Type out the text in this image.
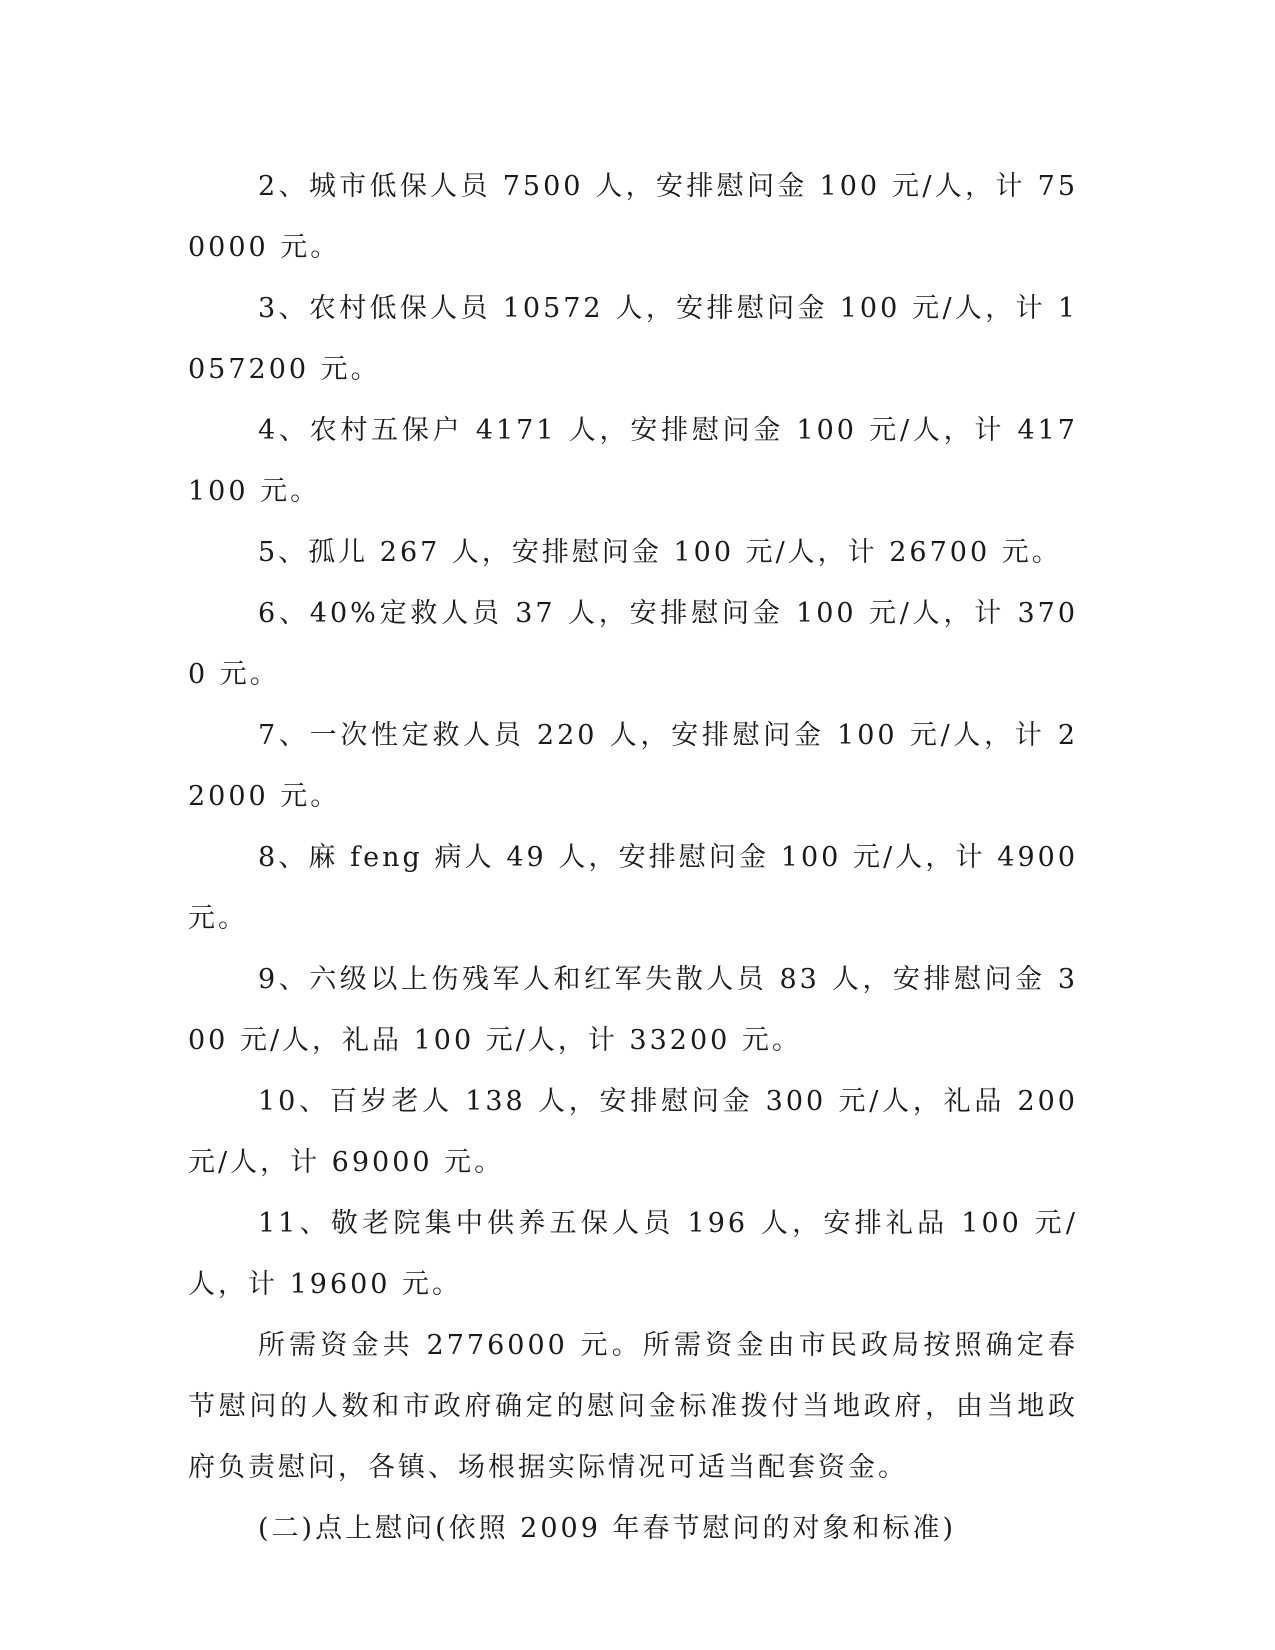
2、城市低保人员 7500 人，安排慰问金 100 元/人，计 750000 元。

3、农村低保人员 10572 人，安排慰问金 100 元/人，计 1057200 元。

4、农村五保户 4171 人，安排慰问金 100 元/人，计 417100 元。

5、孤儿 267 人，安排慰问金 100 元/人，计 26700 元。

6、40%定救人员 37 人，安排慰问金 100 元/人，计 3700 元。

7、一次性定救人员 220 人，安排慰问金 100 元/人，计 22000 元。

8、麻 feng 病人 49 人，安排慰问金 100 元/人，计 4900 元。

9、六级以上伤残军人和红军失散人员 83 人，安排慰问金 300 元/人，礼品 100 元/人，计 33200 元。

10、百岁老人 138 人，安排慰问金 300 元/人，礼品 200 元/人，计 69000 元。

11、敬老院集中供养五保人员 196 人，安排礼品 100 元/人，计 19600 元。

所需资金共 2776000 元。所需资金由市民政局按照确定春节慰问的人数和市政府确定的慰问金标准拨付当地政府，由当地政府负责慰问，各镇、场根据实际情况可适当配套资金。

(二)点上慰问(依照 2009 年春节慰问的对象和标准)
